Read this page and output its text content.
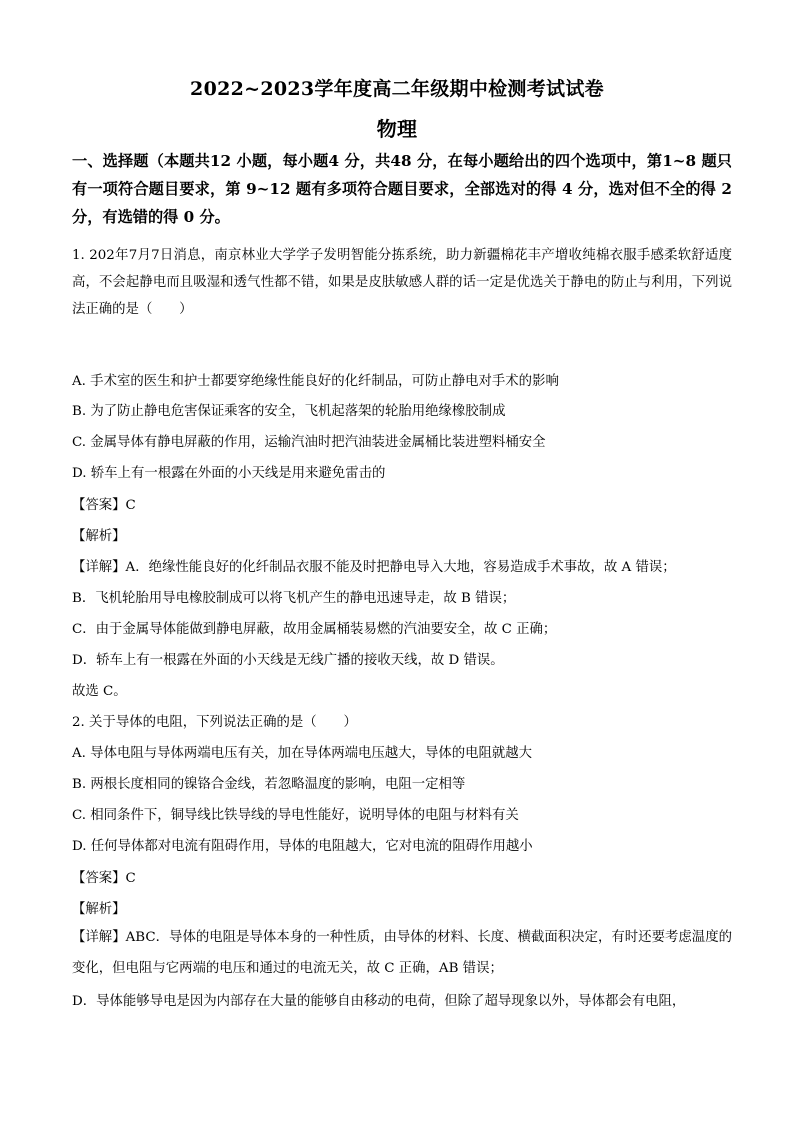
2022~2023学年度高二年级期中检测考试试卷
物理
一、选择题（本题共12 小题，每小题4 分，共48 分，在每小题给出的四个选项中，第1~8 题只有一项符合题目要求，第 9~12 题有多项符合题目要求，全部选对的得 4 分，选对但不全的得 2 分，有选错的得 0 分。
1. 202年7月7日消息，南京林业大学学子发明智能分拣系统，助力新疆棉花丰产增收纯棉衣服手感柔软舒适度高，不会起静电而且吸湿和透气性都不错，如果是皮肤敏感人群的话一定是优选关于静电的防止与利用，下列说法正确的是（　　）
A. 手术室的医生和护士都要穿绝缘性能良好的化纤制品，可防止静电对手术的影响
B. 为了防止静电危害保证乘客的安全，飞机起落架的轮胎用绝缘橡胶制成
C. 金属导体有静电屏蔽的作用，运输汽油时把汽油装进金属桶比装进塑料桶安全
D. 轿车上有一根露在外面的小天线是用来避免雷击的
【答案】C
【解析】
【详解】A．绝缘性能良好的化纤制品衣服不能及时把静电导入大地，容易造成手术事故，故 A 错误；
B．飞机轮胎用导电橡胶制成可以将飞机产生的静电迅速导走，故 B 错误；
C．由于金属导体能做到静电屏蔽，故用金属桶装易燃的汽油要安全，故 C 正确；
D．轿车上有一根露在外面的小天线是无线广播的接收天线，故 D 错误。
故选 C。
2. 关于导体的电阻，下列说法正确的是（　　）
A. 导体电阻与导体两端电压有关，加在导体两端电压越大，导体的电阻就越大
B. 两根长度相同的镍铬合金线，若忽略温度的影响，电阻一定相等
C. 相同条件下，铜导线比铁导线的导电性能好，说明导体的电阻与材料有关
D. 任何导体都对电流有阻碍作用，导体的电阻越大，它对电流的阻碍作用越小
【答案】C
【解析】
【详解】ABC．导体的电阻是导体本身的一种性质，由导体的材料、长度、横截面积决定，有时还要考虑温度的变化，但电阻与它两端的电压和通过的电流无关，故 C 正确，AB 错误；
D．导体能够导电是因为内部存在大量的能够自由移动的电荷，但除了超导现象以外，导体都会有电阻，
